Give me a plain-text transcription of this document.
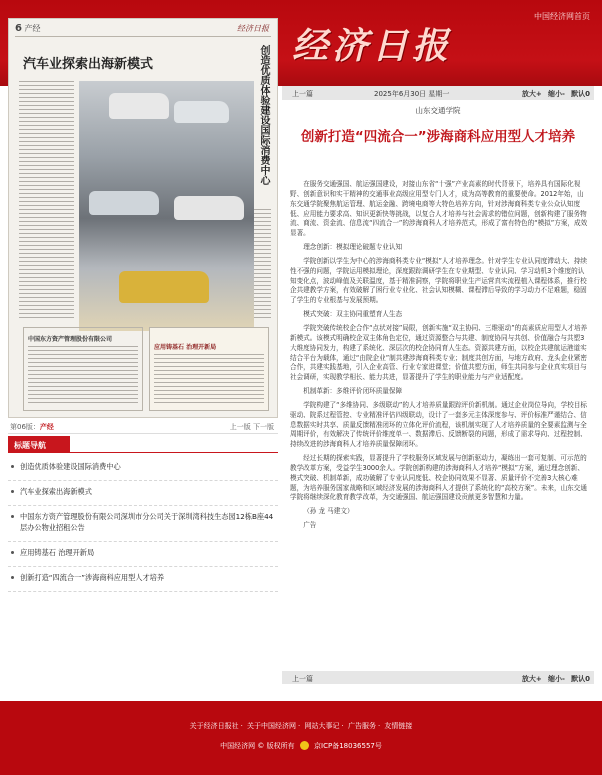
经济日报
中国经济网首页
6 产经	经济日报
汽车业探索出海新模式	创造优质体验建设国际消费中心
中国东方资产管理股份有限公司
应用铸基石 治理开新局
第06版：产经	上一版 下一版
标题导航
创造优质体验建设国际消费中心
汽车业探索出海新模式
中国东方资产管理股份有限公司深圳市分公司关于深圳湾科技生态园12栋B座44层办公物业招租公告
应用铸基石 治理开新局
创新打造“四流合一”涉海商科应用型人才培养
上一篇	2025年6月30日 星期一	放大+ 缩小- 默认0
山东交通学院
创新打造“四流合一”涉海商科应用型人才培养

在服务交通强国、航运强国建设，对接山东省“十强”产业高素的时代背景下，培养具有国际化视野、创新意识和实干精神的交通事业高级应用型专门人才，成为高等教育的重要使命。2012年始，山东交通学院聚焦航运管理、航运金融、跨境电商等大特色培养方向，针对涉海商科类专业公众认知度低、应用能力要求高、知识更新快等挑战，以复合人才培养与社会需求的错位问题，创新构建了服务物流、商流、资金流、信息流“四流合一”的涉海商科人才培养范式，形成了富有特色的“模拟”方案，成效显著。

理念创新：模拟理论破题专业认知

学院创新以学生为中心的涉海商科类专业“模拟”人才培养理念。针对学生专业认同度滞动大、持续性不强的问题，学院运用模拟理论，深度跟踪调研学生在专业期型、专业认同、学习动机3个维度的认知变化点，波动峰值及关联温度，基于精准洞察，学院将职业生产运营真实流程植入课程体系，推行校企共建教学方案，有效破解了困行业专业化、社会认知模糊、课程滞后导致的学习动力不足难题，稳固了学生的专业根基与发展预期。

模式突破：双主协同重塑育人生态

学院突破传统校企合作“点状对接”局限，创新实施“双主协同、三维驱动”的高素质应用型人才培养新模式。该模式明确校企双主体角色定位，通过资源整合与共建、制度协同与共创、价值融合与共塑3大维度协同发力，构建了系统化、深层次的校企协同育人生态。资源共建方面，以校企共建航运港道实结合平台为载体，通过“由院企业”制共建涉海商科类专业；制度共创方面，与地方政府、龙头企业紧密合作，共建实践基地，引入企业高管、行业专家进课堂；价值共塑方面，师生共同参与企业真实项目与社会调研，实现教学相长、能力共进，显著提升了学生的职业能力与产业适配度。

机制革新：多维评价闭环质量保障

学院构建了“多维协同、多级联动”的人才培养质量跟踪评价新机制。通过企业岗位导向，学校目标驱动、院系过程管控、专业精准评估四级联动，设计了一套多元主体深度参与、评价标准严谨结合、信息数据实时共享、质量反馈精准闭环的立体化评价流程，该机制实现了人才培养质量的全要素监测与全周期评价，有效解决了传统评价维度单一、数据滞后、反馈断裂的问题，形成了需求导向、过程控制、持续改进的涉海商科人才培养质量保障闭环。

经过长期的探索实践，显著提升了学校服务区域发展与创新驱动力，凝练出一套可复制、可示范的教学改革方案，受益学生3000余人。学院创新构建的涉海商科人才培养“模拟”方案，通过理念创新、模式突破、机制革新，成功破解了专业认同度低、校企协同效果不显著、质量评价不完善3大核心难题，为培养服务国家战略和区域经济发展的涉海商科人才提供了系统化的“高校方案”。未来，山东交通学院将继续深化教育教学改革，为交通强国、航运强国建设贡献更多智慧和力量。

（孙 龙 马建文）

广告

上一篇	放大+ 缩小- 默认0
关于经济日报社 · 关于中国经济网 · 网站大事记 · 广告服务 · 友情链接
中国经济网 © 版权所有	京ICP备18036557号
